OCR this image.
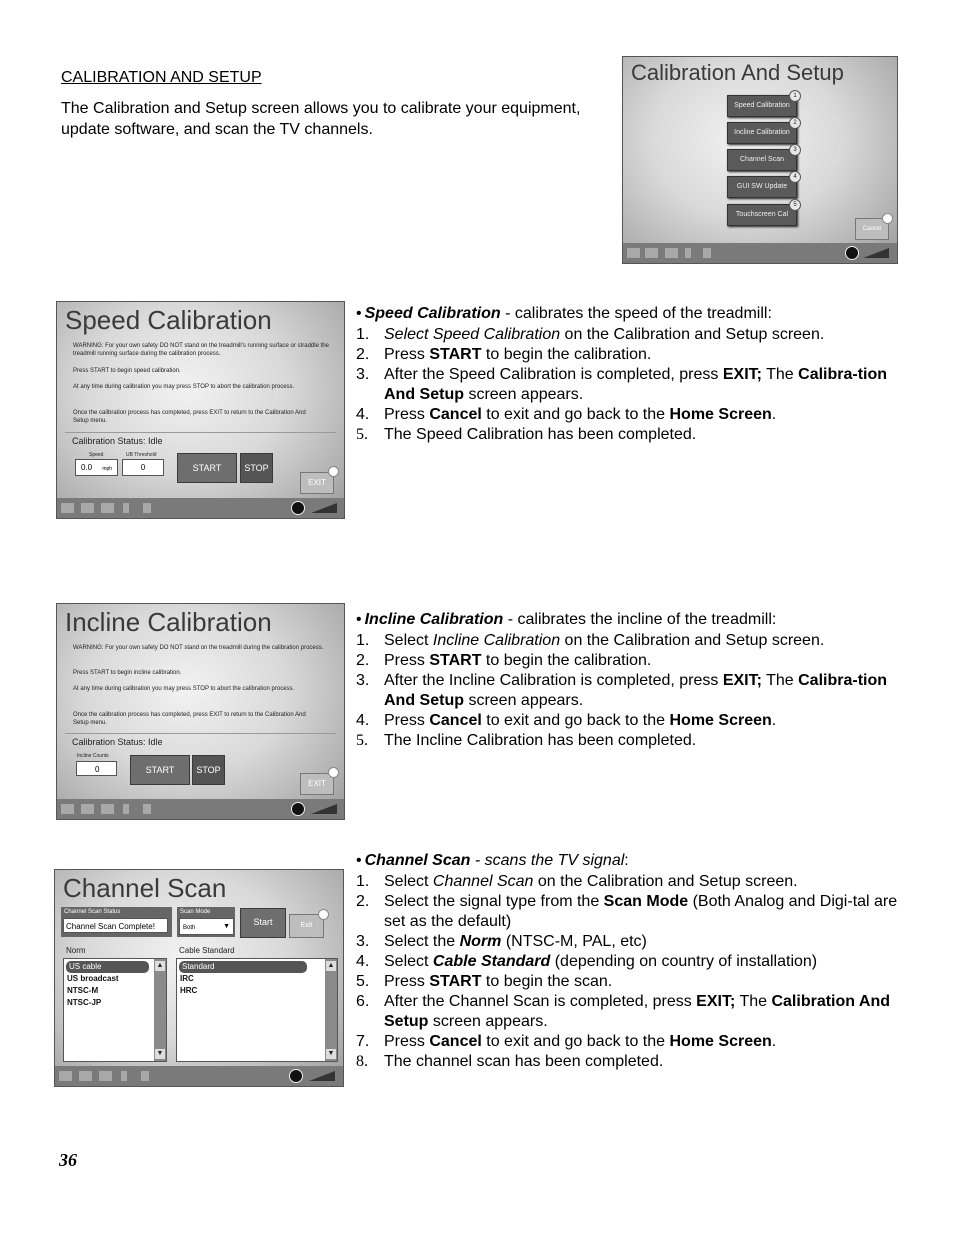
CALIBRATION AND SETUP
The Calibration and Setup screen allows you to calibrate your equipment, update software, and scan the TV channels.
Calibration And Setup
Speed Calibration
1
Incline Calibration
2
Channel Scan
3
GUI SW Update
4
Touchscreen Cal
5
Cancel
Speed Calibration
WARNING: For your own safety DO NOT stand on the treadmill's running surface or straddle the treadmill running surface during the calibration process.
Press START to begin speed calibration.
At any time during calibration you may press STOP to abort the calibration process.
Once the calibration process has completed, press EXIT to return to the Calibration And Setup menu.
Calibration Status: Idle
Speed
0.0 mph
UB Threshold
0	START	STOP
EXIT
Incline Calibration
WARNING: For your own safety DO NOT stand on the treadmill during the calibration process.
Press START to begin incline calibration.
At any time during calibration you may press STOP to abort the calibration process.
Once the calibration process has completed, press EXIT to return to the Calibration And Setup menu.
Calibration Status: Idle
Incline Counts
0	START	STOP
EXIT
Channel Scan
Channel Scan Status
Channel Scan Complete!
Scan Mode
Both	▼	Start	Exit
Norm
US cable
US broadcast
NTSC-M
NTSC-JP
▲
▼
Cable Standard
Standard
IRC
HRC
▲
▼
• Speed Calibration - calibrates the speed of the treadmill:
1. Select Speed Calibration on the Calibration and Setup screen.
2. Press START to begin the calibration.
3. After the Speed Calibration is completed, press EXIT; The Calibra-tion And Setup screen appears.
4. Press Cancel to exit and go back to the Home Screen.
5. The Speed Calibration has been completed.
• Incline Calibration - calibrates the incline of the treadmill:
1. Select Incline Calibration on the Calibration and Setup screen.
2. Press START to begin the calibration.
3. After the Incline Calibration is completed, press EXIT; The Calibra-tion And Setup screen appears.
4. Press Cancel to exit and go back to the Home Screen.
5. The Incline Calibration has been completed.
• Channel Scan - scans the TV signal:
1. Select Channel Scan on the Calibration and Setup screen.
2. Select the signal type from the Scan Mode (Both Analog and Digi-tal are set as the default)
3. Select the Norm (NTSC-M, PAL, etc)
4. Select Cable Standard (depending on country of installation)
5. Press START to begin the scan.
6. After the Channel Scan is completed, press EXIT; The Calibration And Setup screen appears.
7. Press Cancel to exit and go back to the Home Screen.
8. The channel scan has been completed.
36
